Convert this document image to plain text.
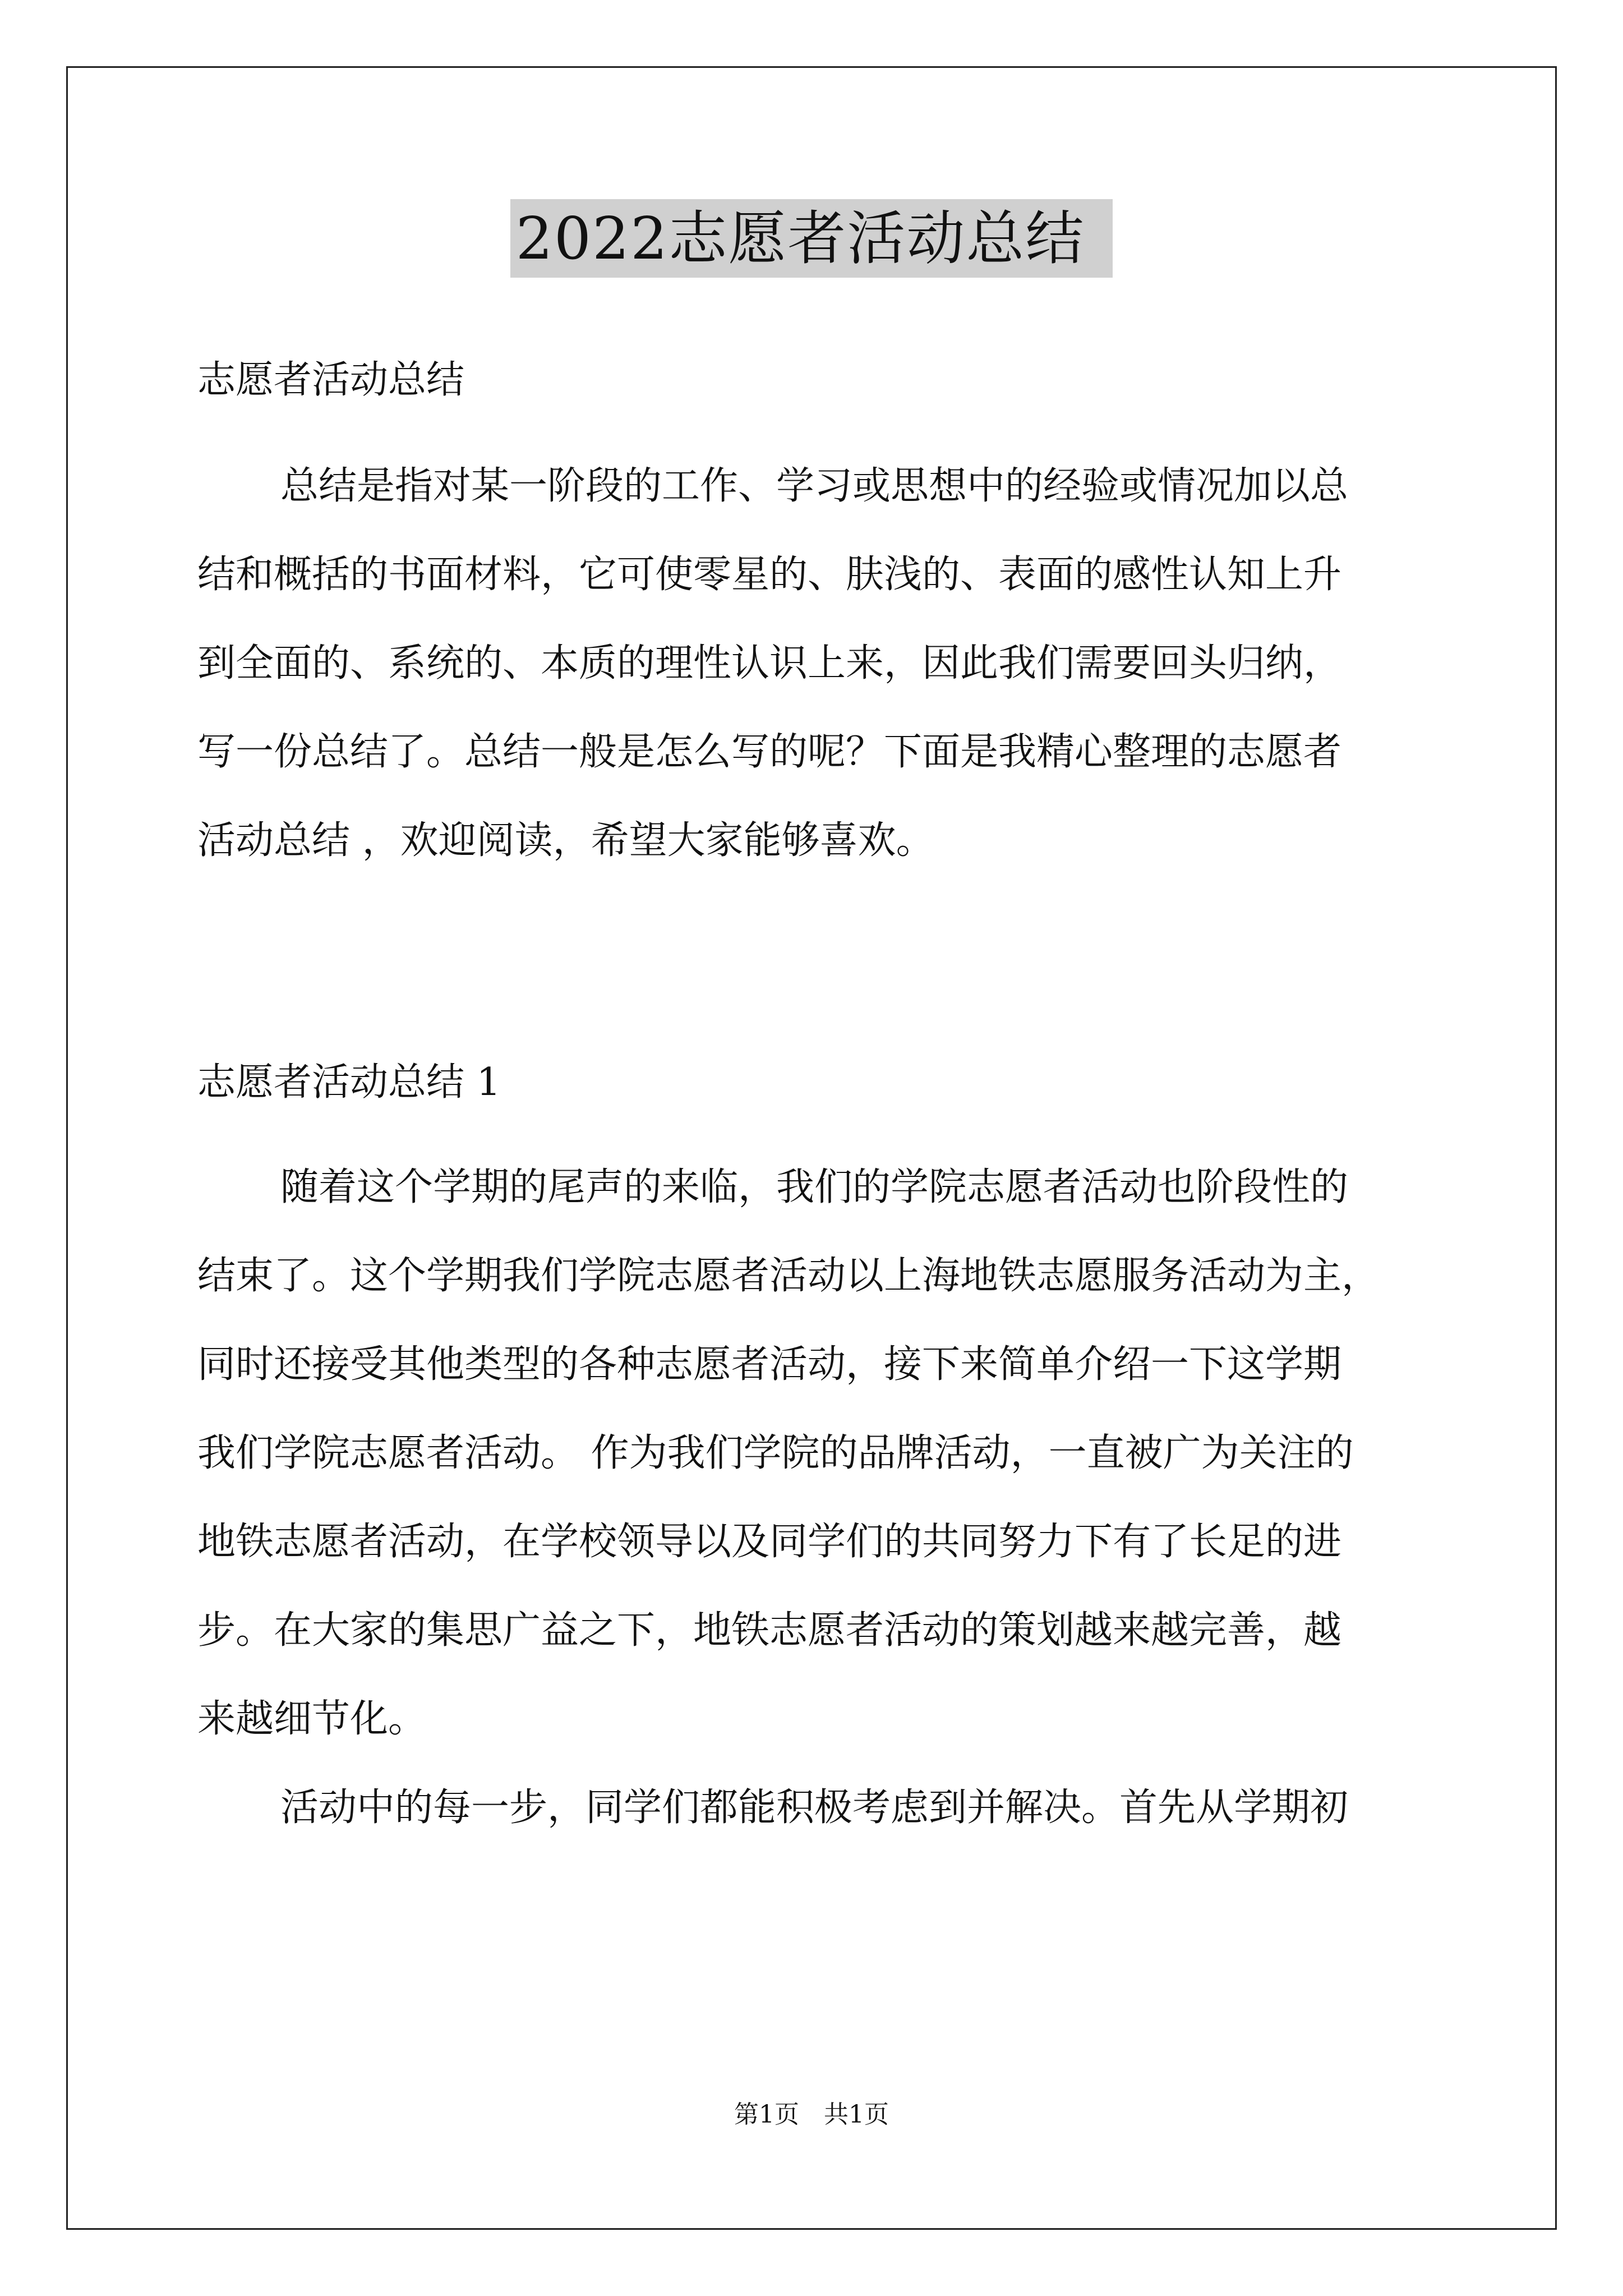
2022志愿者活动总结
志愿者活动总结
总结是指对某一阶段的工作、学习或思想中的经验或情况加以总
结和概括的书面材料，它可使零星的、肤浅的、表面的感性认知上升
到全面的、系统的、本质的理性认识上来，因此我们需要回头归纳，
写一份总结了。总结一般是怎么写的呢？下面是我精心整理的志愿者
活动总结 ，欢迎阅读，希望大家能够喜欢。
志愿者活动总结 1
随着这个学期的尾声的来临，我们的学院志愿者活动也阶段性的
结束了。这个学期我们学院志愿者活动以上海地铁志愿服务活动为主，
同时还接受其他类型的各种志愿者活动，接下来简单介绍一下这学期
我们学院志愿者活动。 作为我们学院的品牌活动，一直被广为关注的
地铁志愿者活动，在学校领导以及同学们的共同努力下有了长足的进
步。在大家的集思广益之下，地铁志愿者活动的策划越来越完善，越
来越细节化。
活动中的每一步，同学们都能积极考虑到并解决。首先从学期初
第1页　共1页
